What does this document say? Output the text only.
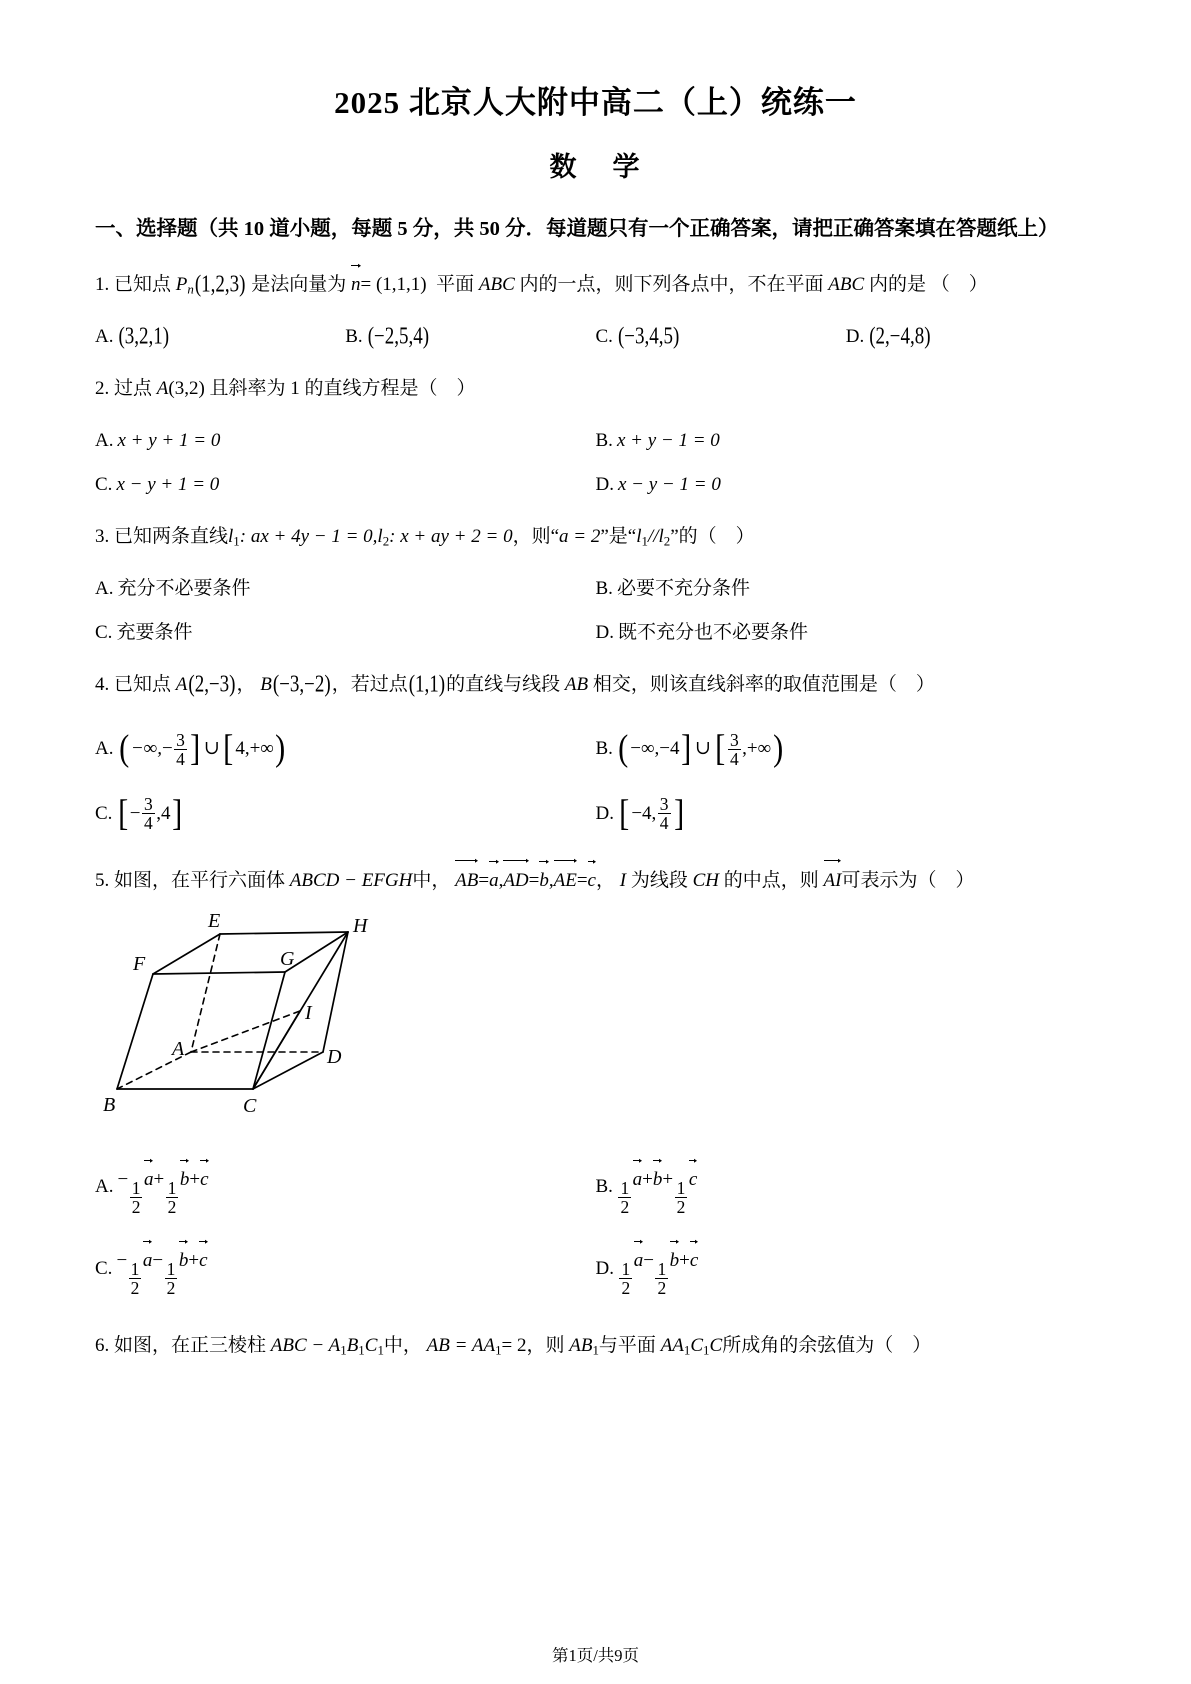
2025 北京人大附中高二（上）统练一
数 学

一、选择题（共 10 道小题，每题 5 分，共 50 分．每道题只有一个正确答案，请把正确答案填在答题纸上）

1. 已知点 $P_n(1,2,3)$ 是法向量为 n= (1,1,1) 平面 ABC 内的一点，则下列各点中，不在平面 ABC 内的是 （　）
A. (3,2,1)	B. (−2,5,4)	C. (−3,4,5)	D. (2,−4,8)
2. 过点 A(3,2) 且斜率为 1 的直线方程是（　）
A. x + y + 1 = 0	B. x + y − 1 = 0
C. x − y + 1 = 0	D. x − y − 1 = 0
3. 已知两条直线$l_1$: ax + $4y - 1 = 0,l_2$: x + ay + 2 = 0，则“a = 2”是“$l_1//l_2$”的（　）
A. 充分不必要条件	B. 必要不充分条件
C. 充要条件	D. 既不充分也不必要条件
4. 已知点 A(2,−3)， B(−3,−2)，若过点(1,1)的直线与线段 AB 相交，则该直线斜率的取值范围是（　）
A. ( −∞, − $\frac{3}{4}$ ] ∪ [ 4,+∞ )	B. ( −∞,−4 ] ∪ [ $\frac{3}{4}$ ,+∞ )
C. [ − $\frac{3}{4} ,4$ ]	D. [ −4, $\frac{3}{4}$ ]
5. 如图，在平行六面体 ABCD − EFGH中， AB=a,AD=b,AE=c， I 为线段 CH 的中点，则 AI可表示为（　）
E	H
F	G
I
A	D
B	C
A. − $\frac{1}{2} a+ \frac{1}{2} b+c$	B. $\frac{1}{2} a+b+ \frac{1}{2}$ c
C. − $\frac{1}{2} a- \frac{1}{2} b+c$	D. $\frac{1}{2} a- \frac{1}{2} b+c$
6. 如图，在正三棱柱 ABC − $A_1B_1C_1$中， AB = $AA_1= 2$，则 $AB_1$与平面 $AA_1C_1C$所成角的余弦值为（　）
第1页/共9页
